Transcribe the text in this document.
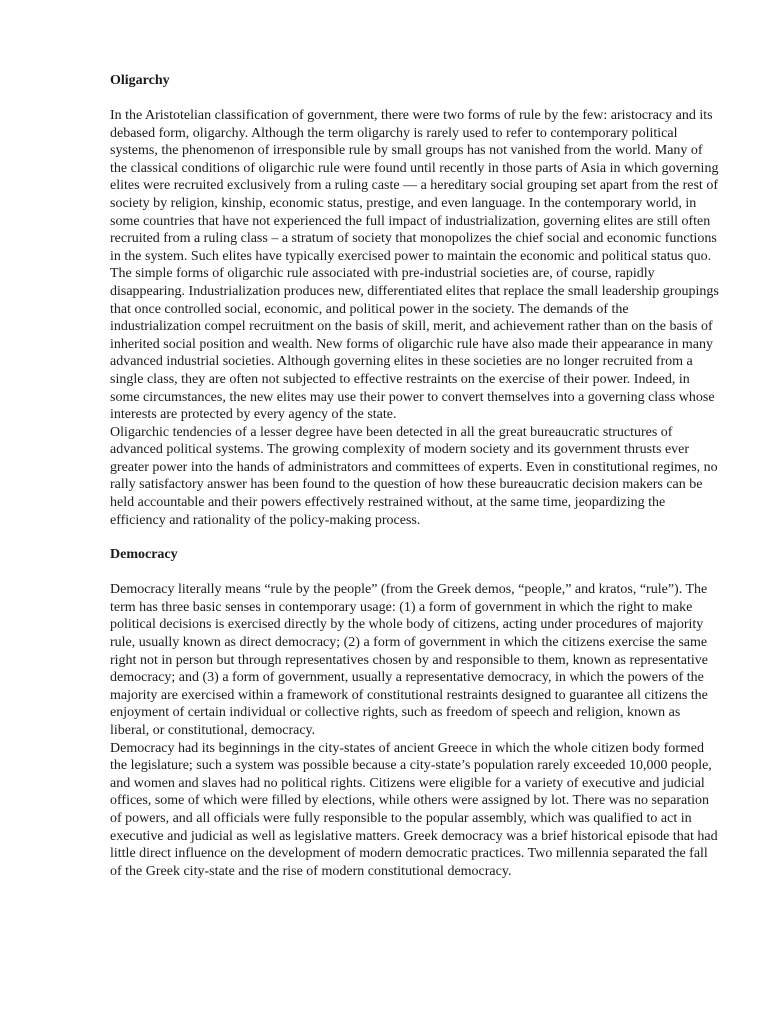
Oligarchy

In the Aristotelian classification of government, there were two forms of rule by the few: aristocracy and its debased form, oligarchy. Although the term oligarchy is rarely used to refer to contemporary political systems, the phenomenon of irresponsible rule by small groups has not vanished from the world. Many of the classical conditions of oligarchic rule were found until recently in those parts of Asia in which governing elites were recruited exclusively from a ruling caste — a hereditary social grouping set apart from the rest of society by religion, kinship, economic status, prestige, and even language. In the contemporary world, in some countries that have not experienced the full impact of industrialization, governing elites are still often recruited from a ruling class – a stratum of society that monopolizes the chief social and economic functions in the system. Such elites have typically exercised power to maintain the economic and political status quo.

The simple forms of oligarchic rule associated with pre-industrial societies are, of course, rapidly disappearing. Industrialization produces new, differentiated elites that replace the small leadership groupings that once controlled social, economic, and political power in the society. The demands of the industrialization compel recruitment on the basis of skill, merit, and achievement rather than on the basis of inherited social position and wealth. New forms of oligarchic rule have also made their appearance in many advanced industrial societies. Although governing elites in these societies are no longer recruited from a single class, they are often not subjected to effective restraints on the exercise of their power. Indeed, in some circumstances, the new elites may use their power to convert themselves into a governing class whose interests are protected by every agency of the state.

Oligarchic tendencies of a lesser degree have been detected in all the great bureaucratic structures of advanced political systems. The growing complexity of modern society and its government thrusts ever greater power into the hands of administrators and committees of experts. Even in constitutional regimes, no rally satisfactory answer has been found to the question of how these bureaucratic decision makers can be held accountable and their powers effectively restrained without, at the same time, jeopardizing the efficiency and rationality of the policy-making process.

Democracy

Democracy literally means “rule by the people” (from the Greek demos, “people,” and kratos, “rule”). The term has three basic senses in contemporary usage: (1) a form of government in which the right to make political decisions is exercised directly by the whole body of citizens, acting under procedures of majority rule, usually known as direct democracy; (2) a form of government in which the citizens exercise the same right not in person but through representatives chosen by and responsible to them, known as representative democracy; and (3) a form of government, usually a representative democracy, in which the powers of the majority are exercised within a framework of constitutional restraints designed to guarantee all citizens the enjoyment of certain individual or collective rights, such as freedom of speech and religion, known as liberal, or constitutional, democracy.

Democracy had its beginnings in the city-states of ancient Greece in which the whole citizen body formed the legislature; such a system was possible because a city-state’s population rarely exceeded 10,000 people, and women and slaves had no political rights. Citizens were eligible for a variety of executive and judicial offices, some of which were filled by elections, while others were assigned by lot. There was no separation of powers, and all officials were fully responsible to the popular assembly, which was qualified to act in executive and judicial as well as legislative matters. Greek democracy was a brief historical episode that had little direct influence on the development of modern democratic practices. Two millennia separated the fall of the Greek city-state and the rise of modern constitutional democracy.
